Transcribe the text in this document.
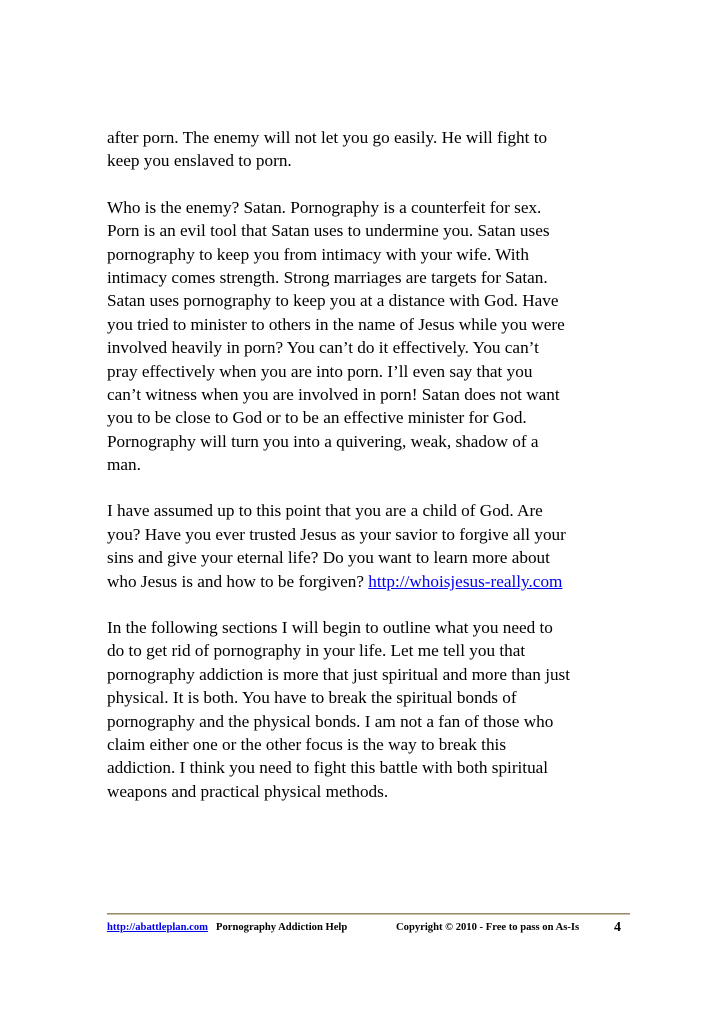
after porn. The enemy will not let you go easily. He will fight to
keep you enslaved to porn.
Who is the enemy? Satan. Pornography is a counterfeit for sex.
Porn is an evil tool that Satan uses to undermine you. Satan uses
pornography to keep you from intimacy with your wife. With
intimacy comes strength. Strong marriages are targets for Satan.
Satan uses pornography to keep you at a distance with God. Have
you tried to minister to others in the name of Jesus while you were
involved heavily in porn? You can’t do it effectively. You can’t
pray effectively when you are into porn. I’ll even say that you
can’t witness when you are involved in porn! Satan does not want
you to be close to God or to be an effective minister for God.
Pornography will turn you into a quivering, weak, shadow of a
man.
I have assumed up to this point that you are a child of God. Are
you? Have you ever trusted Jesus as your savior to forgive all your
sins and give your eternal life? Do you want to learn more about
who Jesus is and how to be forgiven? http://whoisjesus-really.com
In the following sections I will begin to outline what you need to
do to get rid of pornography in your life. Let me tell you that
pornography addiction is more that just spiritual and more than just
physical. It is both. You have to break the spiritual bonds of
pornography and the physical bonds. I am not a fan of those who
claim either one or the other focus is the way to break this
addiction. I think you need to fight this battle with both spiritual
weapons and practical physical methods.
http://abattleplan.com Pornography Addiction Help	Copyright © 2010 - Free to pass on As-Is 4
